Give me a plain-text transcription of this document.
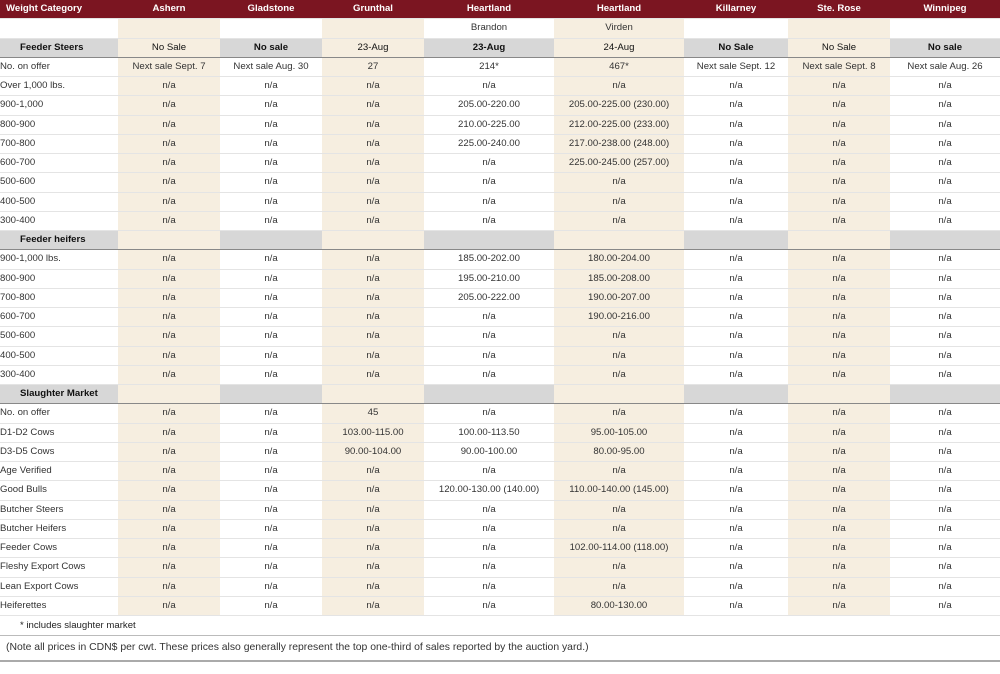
Weight Category	Ashern	Gladstone	Grunthal	Heartland	Heartland	Killarney	Ste. Rose	Winnipeg
				Brandon	Virden			
Feeder Steers	No Sale	No sale	23-Aug	23-Aug	24-Aug	No Sale	No Sale	No sale
No. on offer	Next sale Sept. 7	Next sale Aug. 30	27	214*	467*	Next sale Sept. 12	Next sale Sept. 8	Next sale Aug. 26
Over 1,000 lbs.	n/a	n/a	n/a	n/a	n/a	n/a	n/a	n/a
900-1,000	n/a	n/a	n/a	205.00-220.00	205.00-225.00 (230.00)	n/a	n/a	n/a
800-900	n/a	n/a	n/a	210.00-225.00	212.00-225.00 (233.00)	n/a	n/a	n/a
700-800	n/a	n/a	n/a	225.00-240.00	217.00-238.00 (248.00)	n/a	n/a	n/a
600-700	n/a	n/a	n/a	n/a	225.00-245.00 (257.00)	n/a	n/a	n/a
500-600	n/a	n/a	n/a	n/a	n/a	n/a	n/a	n/a
400-500	n/a	n/a	n/a	n/a	n/a	n/a	n/a	n/a
300-400	n/a	n/a	n/a	n/a	n/a	n/a	n/a	n/a
Feeder heifers								
900-1,000 lbs.	n/a	n/a	n/a	185.00-202.00	180.00-204.00	n/a	n/a	n/a
800-900	n/a	n/a	n/a	195.00-210.00	185.00-208.00	n/a	n/a	n/a
700-800	n/a	n/a	n/a	205.00-222.00	190.00-207.00	n/a	n/a	n/a
600-700	n/a	n/a	n/a	n/a	190.00-216.00	n/a	n/a	n/a
500-600	n/a	n/a	n/a	n/a	n/a	n/a	n/a	n/a
400-500	n/a	n/a	n/a	n/a	n/a	n/a	n/a	n/a
300-400	n/a	n/a	n/a	n/a	n/a	n/a	n/a	n/a
Slaughter Market								
No. on offer	n/a	n/a	45	n/a	n/a	n/a	n/a	n/a
D1-D2 Cows	n/a	n/a	103.00-115.00	100.00-113.50	95.00-105.00	n/a	n/a	n/a
D3-D5 Cows	n/a	n/a	90.00-104.00	90.00-100.00	80.00-95.00	n/a	n/a	n/a
Age Verified	n/a	n/a	n/a	n/a	n/a	n/a	n/a	n/a
Good Bulls	n/a	n/a	n/a	120.00-130.00 (140.00)	110.00-140.00 (145.00)	n/a	n/a	n/a
Butcher Steers	n/a	n/a	n/a	n/a	n/a	n/a	n/a	n/a
Butcher Heifers	n/a	n/a	n/a	n/a	n/a	n/a	n/a	n/a
Feeder Cows	n/a	n/a	n/a	n/a	102.00-114.00 (118.00)	n/a	n/a	n/a
Fleshy Export Cows	n/a	n/a	n/a	n/a	n/a	n/a	n/a	n/a
Lean Export Cows	n/a	n/a	n/a	n/a	n/a	n/a	n/a	n/a
Heiferettes	n/a	n/a	n/a	n/a	80.00-130.00	n/a	n/a	n/a
* includes slaughter market								
(Note all prices in CDN$ per cwt. These prices also generally represent the top one-third of sales reported by the auction yard.)
